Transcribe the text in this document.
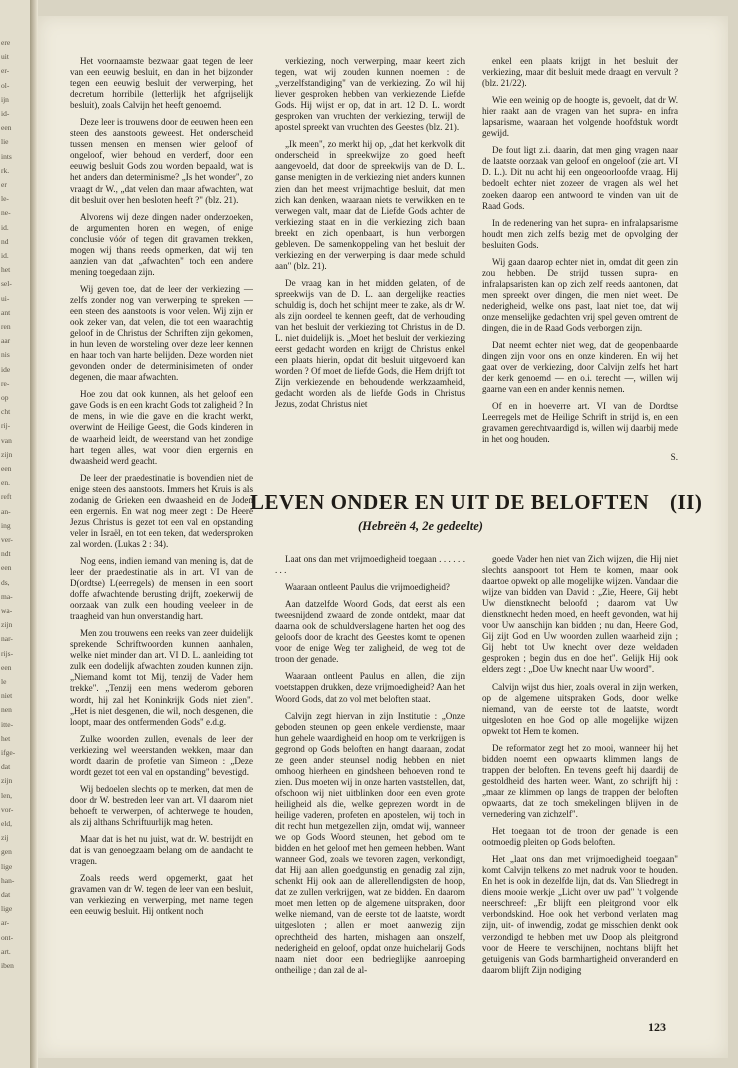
ere
uit
er-
ol-
ijn
id-
een
lie
ints
rk.
er
le-
ne-
id.
nd
id.
het
sel-
ui-
ant
ren
aar
nis
ide
re-
op
cht
rij-
van
zijn
een
en.
reft
an-
ing
ver-
ndt
een
ds,
ma-
wa-
zijn
nar-
rijs-
een
le
niet
nen
itte-
het
ifge-
dat
zijn
len,
vor-
eld,
zij
gen
lige
han-
dat
lige
ar-
ont-
art.
iben

Het voornaamste bezwaar gaat tegen de leer van een eeuwig besluit, en dan in het bijzonder tegen een eeuwig besluit der verwerping, het decretum horribile (letterlijk het afgrijselijk besluit), zoals Calvijn het heeft genoemd.

Deze leer is trouwens door de eeuwen heen een steen des aanstoots geweest. Het onderscheid tussen mensen en mensen wier geloof of ongeloof, wier behoud en verderf, door een eeuwig besluit Gods zou worden bepaald, wat is het anders dan determinisme? „Is het wonder", zo vraagt dr W., „dat velen dan maar afwachten, wat dit besluit over hen besloten heeft ?" (blz. 21).

Alvorens wij deze dingen nader onderzoeken, de argumenten horen en wegen, of enige conclusie vóór of tegen dit gravamen trekken, mogen wij thans reeds opmerken, dat wij ten aanzien van dat „afwachten" toch een andere mening toegedaan zijn.

Wij geven toe, dat de leer der verkiezing — zelfs zonder nog van verwerping te spreken — een steen des aanstoots is voor velen. Wij zijn er ook zeker van, dat velen, die tot een waarachtig geloof in de Christus der Schriften zijn gekomen, in hun leven de worsteling over deze leer kennen en haar toch van harte belijden. Deze worden niet gevonden onder de determinisimeten of onder degenen, die maar afwachten.

Hoe zou dat ook kunnen, als het geloof een gave Gods is en een kracht Gods tot zaligheid ? In de mens, in wie die gave en die kracht werkt, overwint de Heilige Geest, die Gods kinderen in de waarheid leidt, de weerstand van het zondige hart tegen alles, wat voor dien ergernis en dwaasheid werd geacht.

De leer der praedestinatie is bovendien niet de enige steen des aanstoots. Immers het Kruis is als zodanig de Grieken een dwaasheid en de Joden een ergernis. En wat nog meer zegt : De Heere Jezus Christus is gezet tot een val en opstanding veler in Israël, en tot een teken, dat wedersproken zal worden. (Lukas 2 : 34).

Nog eens, indien iemand van mening is, dat de leer der praedestinatie als in art. VI van de D(ordtse) L(eerregels) de mensen in een soort doffe afwachtende berusting drijft, zoekerwij de oorzaak van zulk een houding veeleer in de traagheid van hun onverstandig hart.

Men zou trouwens een reeks van zeer duidelijk sprekende Schriftwoorden kunnen aanhalen, welke niet minder dan art. VI D. L. aanleiding tot zulk een dodelijk afwachten zouden kunnen zijn. „Niemand komt tot Mij, tenzij de Vader hem trekke". „Tenzij een mens wederom geboren wordt, hij zal het Koninkrijk Gods niet zien". „Het is niet desgenen, die wil, noch desgenen, die loopt, maar des ontfermenden Gods" e.d.g.

Zulke woorden zullen, evenals de leer der verkiezing wel weerstanden wekken, maar dan wordt daarin de profetie van Simeon : „Deze wordt gezet tot een val en opstanding" bevestigd.

Wij bedoelen slechts op te merken, dat men de door dr W. bestreden leer van art. VI daarom niet behoeft te verwerpen, of achterwege te houden, als zij althans Schriftuurlijk mag heten.

Maar dat is het nu juist, wat dr. W. bestrijdt en dat is van genoegzaam belang om de aandacht te vragen.

Zoals reeds werd opgemerkt, gaat het gravamen van dr W. tegen de leer van een besluit, van verkiezing en verwerping, met name tegen een eeuwig besluit. Hij ontkent noch

verkiezing, noch verwerping, maar keert zich tegen, wat wij zouden kunnen noemen : de „verzelfstandiging" van de verkiezing. Zo wil hij liever gesproken hebben van verkiezende Liefde Gods. Hij wijst er op, dat in art. 12 D. L. wordt gesproken van vruchten der verkiezing, terwijl de apostel spreekt van vruchten des Geestes (blz. 21).

„Ik meen", zo merkt hij op, „dat het kerkvolk dit onderscheid in spreekwijze zo goed heeft aangevoeld, dat door de spreekwijs van de D. L. ganse menigten in de verkiezing niet anders kunnen zien dan het meest vrijmachtige besluit, dat men zich kan denken, waaraan niets te verwikken en te verwegen valt, maar dat de Liefde Gods achter de verkiezing staat en in die verkiezing zich baan breekt en zich openbaart, is hun verborgen gebleven. De samenkoppeling van het besluit der verkiezing en der verwerping is daar mede schuld aan" (blz. 21).

De vraag kan in het midden gelaten, of de spreekwijs van de D. L. aan dergelijke reacties schuldig is, doch het schijnt meer te zake, als dr W. als zijn oordeel te kennen geeft, dat de verhouding van het besluit der verkiezing tot Christus in de D. L. niet duidelijk is. „Moet het besluit der verkiezing eerst gedacht worden en krijgt de Christus enkel een plaats hierin, opdat dit besluit uitgevoerd kan worden ? Of moet de liefde Gods, die Hem drijft tot Zijn verkiezende en behoudende werkzaamheid, gedacht worden als de liefde Gods in Christus Jezus, zodat Christus niet

enkel een plaats krijgt in het besluit der verkiezing, maar dit besluit mede draagt en vervult ? (blz. 21/22).

Wie een weinig op de hoogte is, gevoelt, dat dr W. hier raakt aan de vragen van het supra- en infra lapsarisme, waaraan het volgende hoofdstuk wordt gewijd.

De fout ligt z.i. daarin, dat men ging vragen naar de laatste oorzaak van geloof en ongeloof (zie art. VI D. L.). Dit nu acht hij een ongeoorloofde vraag. Hij bedoelt echter niet zozeer de vragen als wel het zoeken daarop een antwoord te vinden van uit de Raad Gods.

In de redenering van het supra- en infralapsarisme houdt men zich zelfs bezig met de opvolging der besluiten Gods.

Wij gaan daarop echter niet in, omdat dit geen zin zou hebben. De strijd tussen supra- en infralapsaristen kan op zich zelf reeds aantonen, dat men spreekt over dingen, die men niet weet. De nederigheid, welke ons past, laat niet toe, dat wij onze menselijke gedachten vrij spel geven omtrent de dingen, die in de Raad Gods verborgen zijn.

Dat neemt echter niet weg, dat de geopenbaarde dingen zijn voor ons en onze kinderen. En wij het gaat over de verkiezing, door Calvijn zelfs het hart der kerk genoemd — en o.i. terecht —, willen wij gaarne van een en ander kennis nemen.

Of en in hoeverre art. VI van de Dordtse Leerregels met de Heilige Schrift in strijd is, en een gravamen gerechtvaardigd is, willen wij daarbij mede in het oog houden.

S.

LEVEN ONDER EN UIT DE BELOFTEN (II)
(Hebreën 4, 2e gedeelte)

Laat ons dan met vrijmoedigheid toegaan . . . . . . . . .

Waaraan ontleent Paulus die vrijmoedigheid?

Aan datzelfde Woord Gods, dat eerst als een tweesnijdend zwaard de zonde ontdekt, maar dat daarna ook de schuldverslagene harten het oog des geloofs door de kracht des Geestes komt te openen voor de enige Weg ter zaligheid, de weg tot de troon der genade.

Waaraan ontleent Paulus en allen, die zijn voetstappen drukken, deze vrijmoedigheid? Aan het Woord Gods, dat zo vol met beloften staat.

Calvijn zegt hiervan in zijn Institutie : „Onze geboden steunen op geen enkele verdienste, maar hun gehele waardigheid en hoop om te verkrijgen is gegrond op Gods beloften en hangt daaraan, zodat ze geen ander steunsel nodig hebben en niet omhoog hierheen en gindsheen behoeven rond te zien. Dus moeten wij in onze harten vaststellen, dat, ofschoon wij niet uitblinken door een even grote heiligheid als die, welke geprezen wordt in de heilige vaderen, profeten en apostelen, wij toch in dit recht hun metgezellen zijn, omdat wij, wanneer we op Gods Woord steunen, het gebod om te bidden en het geloof met hen gemeen hebben. Want wanneer God, zoals we tevoren zagen, verkondigt, dat Hij aan allen goedgunstig en genadig zal zijn, schenkt Hij ook aan de allerellendigsten de hoop, dat ze zullen verkrijgen, wat ze bidden. En daarom moet men letten op de algemene uitspraken, door welke niemand, van de eerste tot de laatste, wordt uitgesloten ; allen er moet aanwezig zijn oprechtheid des harten, mishagen aan onszelf, nederigheid en geloof, opdat onze huichelarij Gods naam niet door een bedrieglijke aanroeping ontheilige ; dan zal de al-

goede Vader hen niet van Zich wijzen, die Hij niet slechts aanspoort tot Hem te komen, maar ook daartoe opwekt op alle mogelijke wijzen. Vandaar die wijze van bidden van David : „Zie, Heere, Gij hebt Uw dienstknecht beloofd ; daarom vat Uw dienstknecht heden moed, en heeft gevonden, wat hij voor Uw aanschijn kan bidden ; nu dan, Heere God, Gij zijt God en Uw woorden zullen waarheid zijn ; Gij hebt tot Uw knecht over deze weldaden gesproken ; begin dus en doe het". Gelijk Hij ook elders zegt : „Doe Uw knecht naar Uw woord".

Calvijn wijst dus hier, zoals overal in zijn werken, op de algemene uitspraken Gods, door welke niemand, van de eerste tot de laatste, wordt uitgesloten en hoe God op alle mogelijke wijzen opwekt tot Hem te komen.

De reformator zegt het zo mooi, wanneer hij het bidden noemt een opwaarts klimmen langs de trappen der beloften. En tevens geeft hij daardij de gestoldheid des harten weer. Want, zo schrijft hij : „maar ze klimmen op langs de trappen der beloften opwaarts, dat ze toch smekelingen blijven in de vernedering van zichzelf".

Het toegaan tot de troon der genade is een ootmoedig pleiten op Gods beloften.

Het „laat ons dan met vrijmoedigheid toegaan" komt Calvijn telkens zo met nadruk voor te houden. En het is ook in dezelfde lijn, dat ds. Van Sliedregt in diens mooie werkje „Licht over uw pad" 't volgende neerschreef: „Er blijft een pleitgrond voor elk verbondskind. Hoe ook het verbond verlaten mag zijn, uit- of inwendig, zodat ge misschien denkt ook verzondigd te hebben met uw Doop als pleitgrond voor de Heere te verschijnen, nochtans blijft het getuigenis van Gods barmhartigheid onveranderd en daarom blijft Zijn nodiging

123
